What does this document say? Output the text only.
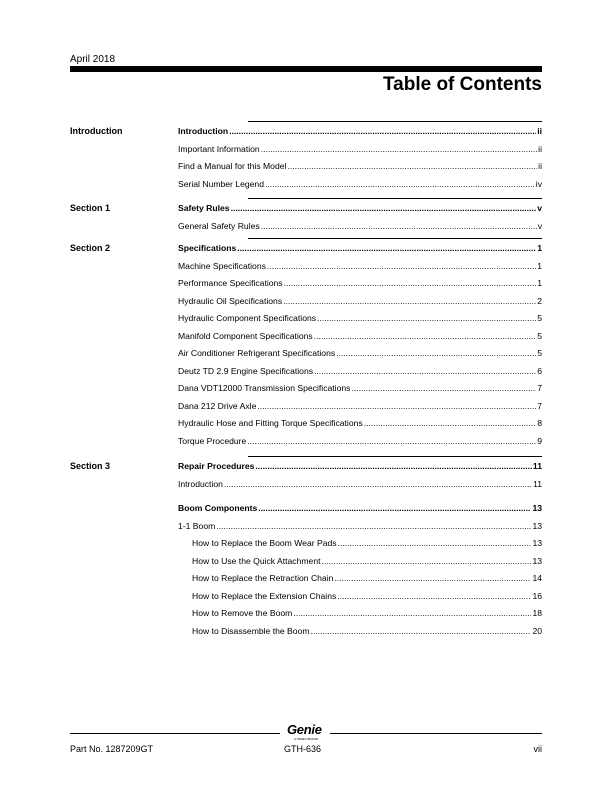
April 2018
Table of Contents
Introduction	Introduction .....	ii
Important Information .....	ii
Find a Manual for this Model .....	ii
Serial Number Legend .....	iv
Section 1	Safety Rules .....	v
General Safety Rules .....	v
Section 2	Specifications .....	1
Machine Specifications .....	1
Performance Specifications .....	1
Hydraulic Oil Specifications .....	2
Hydraulic Component Specifications .....	5
Manifold Component Specifications .....	5
Air Conditioner Refrigerant Specifications .....	5
Deutz TD 2.9 Engine Specifications .....	6
Dana VDT12000 Transmission Specifications .....	7
Dana 212 Drive Axle .....	7
Hydraulic Hose and Fitting Torque Specifications .....	8
Torque Procedure .....	9
Section 3	Repair Procedures .....	11
Introduction .....	11
Boom Components .....	13
1-1 Boom .....	13
How to Replace the Boom Wear Pads .....	13
How to Use the Quick Attachment .....	13
How to Replace the Retraction Chain .....	14
How to Replace the Extension Chains .....	16
How to Remove the Boom .....	18
How to Disassemble the Boom .....	20
Genie
A TEREX BRAND
Part No. 1287209GT	GTH-636	vii
